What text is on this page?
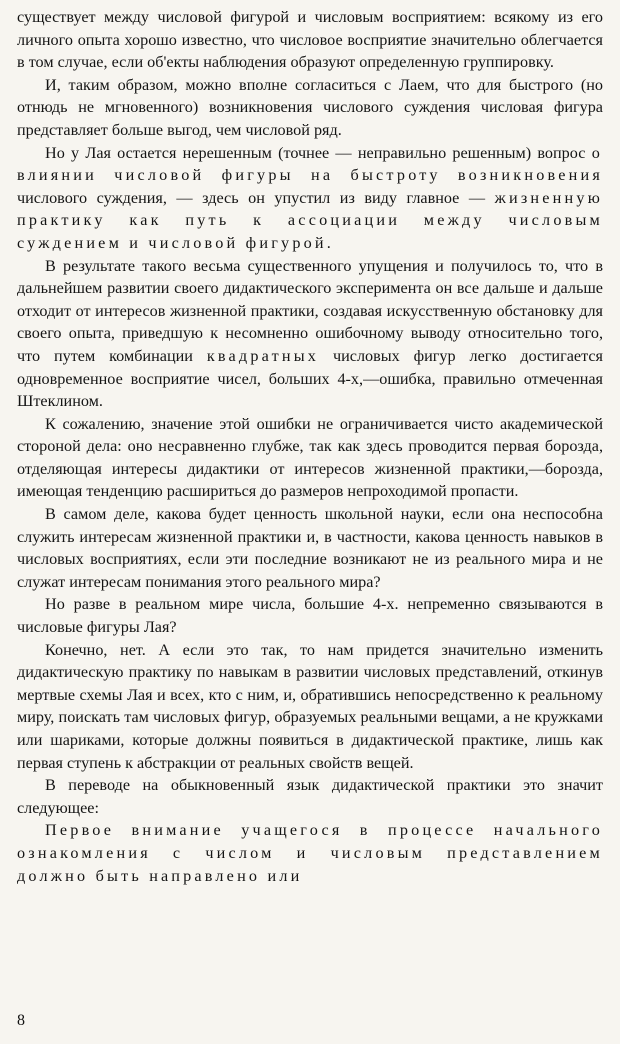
существует между числовой фигурой и числовым восприятием: всякому из его личного опыта хорошо известно, что числовое восприятие значительно облегчается в том случае, если об'екты наблюдения образуют определенную группировку.

И, таким образом, можно вполне согласиться с Лаем, что для быстрого (но отнюдь не мгновенного) возникновения числового суждения числовая фигура представляет больше выгод, чем числовой ряд.

Но у Лая остается нерешенным (точнее — неправильно решенным) вопрос о влиянии числовой фигуры на быстроту возникновения числового суждения, — здесь он упустил из виду главное — жизненную практику как путь к ассоциации между числовым суждением и числовой фигурой.

В результате такого весьма существенного упущения и получилось то, что в дальнейшем развитии своего дидактического эксперимента он все дальше и дальше отходит от интересов жизненной практики, создавая искусственную обстановку для своего опыта, приведшую к несомненно ошибочному выводу относительно того, что путем комбинации квадратных числовых фигур легко достигается одновременное восприятие чисел, больших 4-х,—ошибка, правильно отмеченная Штеклином.

К сожалению, значение этой ошибки не ограничивается чисто академической стороной дела: оно несравненно глубже, так как здесь проводится первая борозда, отделяющая интересы дидактики от интересов жизненной практики,—борозда, имеющая тенденцию расшириться до размеров непроходимой пропасти.

В самом деле, какова будет ценность школьной науки, если она неспособна служить интересам жизненной практики и, в частности, какова ценность навыков в числовых восприятиях, если эти последние возникают не из реального мира и не служат интересам понимания этого реального мира?

Но разве в реальном мире числа, большие 4-х. непременно связываются в числовые фигуры Лая?

Конечно, нет. А если это так, то нам придется значительно изменить дидактическую практику по навыкам в развитии числовых представлений, откинув мертвые схемы Лая и всех, кто с ним, и, обратившись непосредственно к реальному миру, поискать там числовых фигур, образуемых реальными вещами, а не кружками или шариками, которые должны появиться в дидактической практике, лишь как первая ступень к абстракции от реальных свойств вещей.

В переводе на обыкновенный язык дидактической практики это значит следующее:

Первое внимание учащегося в процессе начального ознакомления с числом и числовым представлением должно быть направлено или

8
